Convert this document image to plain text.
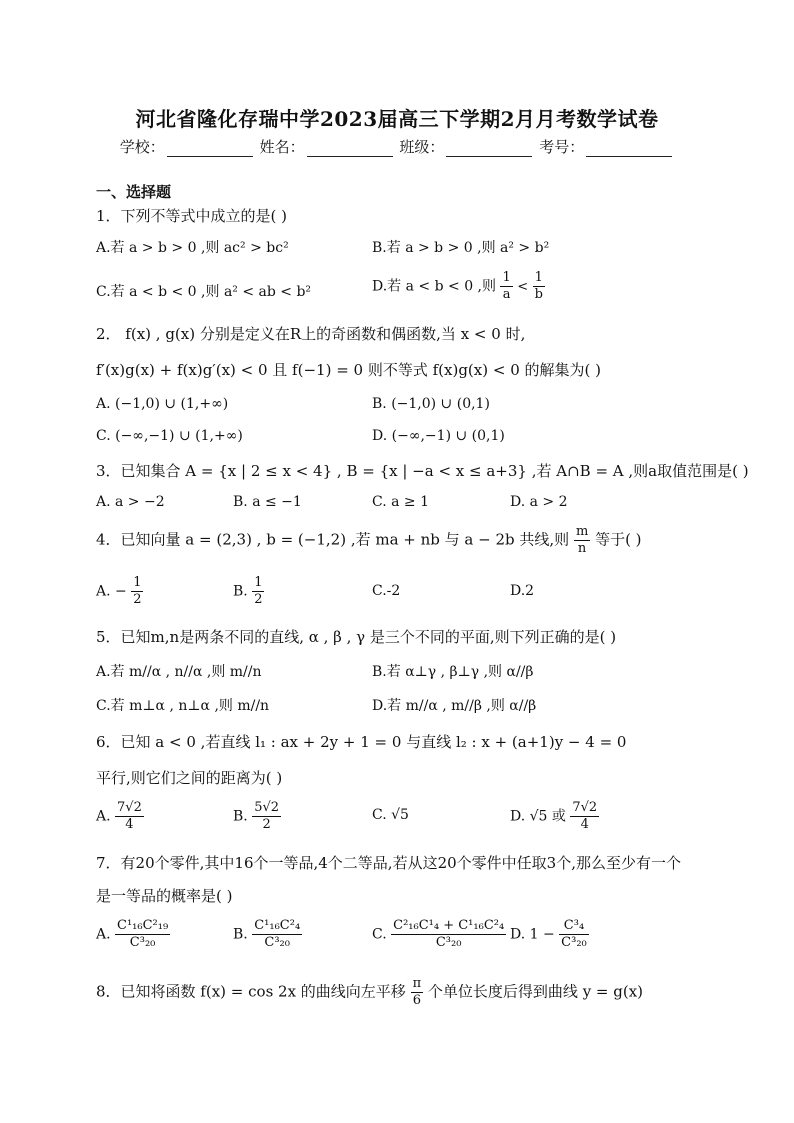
河北省隆化存瑞中学2023届高三下学期2月月考数学试卷
学校：	姓名：	班级：	考号：
一、选择题
1．下列不等式中成立的是( )
A.若 a > b > 0 ,则 ac² > bc²	B.若 a > b > 0 ,则 a² > b²
C.若 a < b < 0 ,则 a² < ab < b²	D.若 a < b < 0 ,则 $\frac{1}{a} < \frac{1}{b}$
2． f(x) , g(x) 分别是定义在R上的奇函数和偶函数,当 x < 0 时,
f′(x)g(x) + f(x)g′(x) < 0 且 f(−1) = 0 则不等式 f(x)g(x) < 0 的解集为( )
A. (−1,0) ∪ (1,+∞)	B. (−1,0) ∪ (0,1)
C. (−∞,−1) ∪ (1,+∞)	D. (−∞,−1) ∪ (0,1)
3．已知集合 A = {x | 2 ≤ x < 4} , B = {x | −a < x ≤ a+3} ,若 A∩B = A ,则a取值范围是( )
A. a > −2	B. a ≤ −1	C. a ≥ 1	D. a > 2
4．已知向量 a = (2,3) , b = (−1,2) ,若 ma + nb 与 a − 2b 共线,则 $\frac{m}{n}$ 等于( )
A. − $\frac{1}{2}$	B. $\frac{1}{2}$	C.-2	D.2
5．已知m,n是两条不同的直线, α , β , γ 是三个不同的平面,则下列正确的是( )
A.若 m//α , n//α ,则 m//n	B.若 α⊥γ , β⊥γ ,则 α//β
C.若 m⊥α , n⊥α ,则 m//n	D.若 m//α , m//β ,则 α//β
6．已知 a < 0 ,若直线 l₁ : ax + 2y + 1 = 0 与直线 l₂ : x + (a+1)y − 4 = 0
平行,则它们之间的距离为( )
A. $\frac{7√2}{4}$	B. $\frac{5√2}{2}$	C. √5	D. √5 或 $\frac{7√2}{4}$
7．有20个零件,其中16个一等品,4个二等品,若从这20个零件中任取3个,那么至少有一个
是一等品的概率是( )
A. $\frac{\text{C¹₁₆C²₁₉}}{\text{C³₂₀}}$	B. $\frac{\text{C¹₁₆C²₄}}{\text{C³₂₀}}$	C. $\frac{\text{C²₁₆C¹₄ + C¹₁₆C²₄}}{\text{C³₂₀}} D$. $1 - \frac{\text{C³₄}}{\text{C³₂₀}}$
8．已知将函数 f(x) = cos 2x 的曲线向左平移 $\frac{\pi}{6}$ 个单位长度后得到曲线 y = g(x)
